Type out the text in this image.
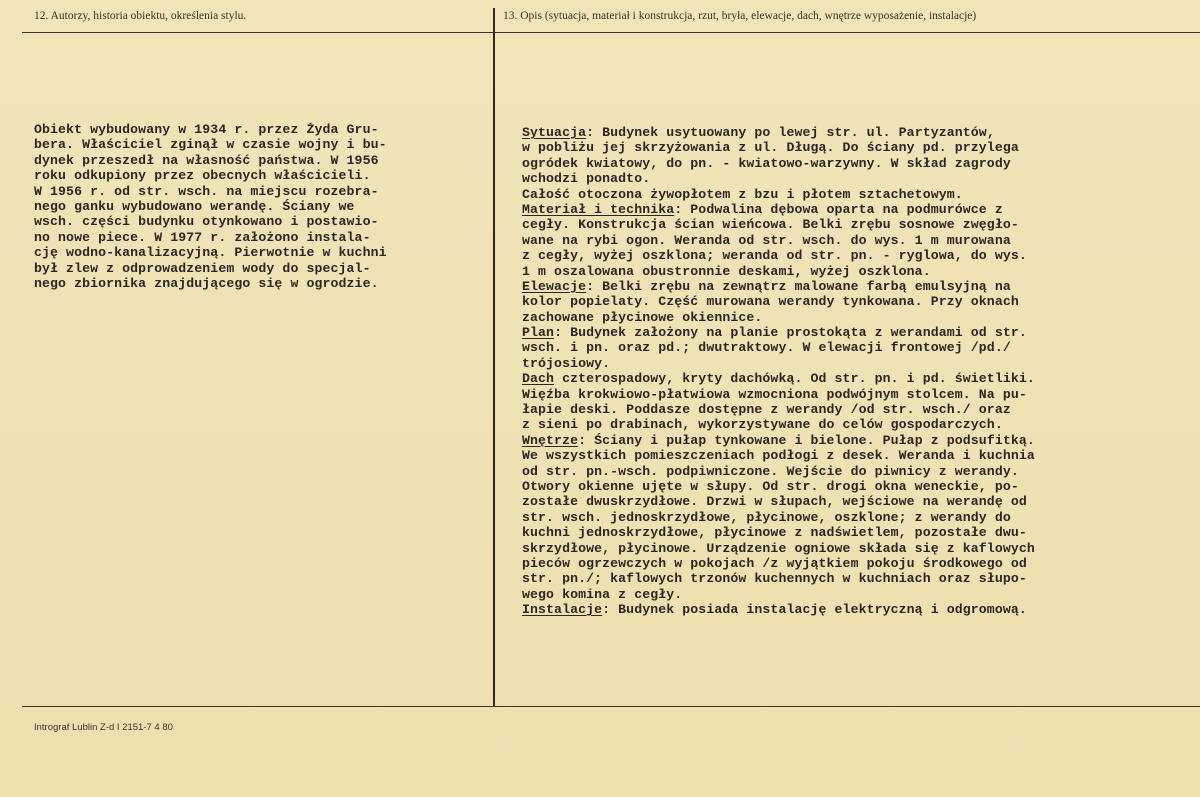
12. Autorzy, historia obiektu, określenia stylu.	13. Opis (sytuacja, materiał i konstrukcja, rzut, bryła, elewacje, dach, wnętrze wyposażenie, instalacje)
Obiekt wybudowany w 1934 r. przez Żyda Gru-
bera. Właściciel zginął w czasie wojny i bu-
dynek przeszedł na własność państwa. W 1956
roku odkupiony przez obecnych właścicieli.
W 1956 r. od str. wsch. na miejscu rozebra-
nego ganku wybudowano werandę. Ściany we
wsch. części budynku otynkowano i postawio-
no nowe piece. W 1977 r. założono instala-
cję wodno-kanalizacyjną. Pierwotnie w kuchni
był zlew z odprowadzeniem wody do specjal-
nego zbiornika znajdującego się w ogrodzie.
Sytuacja: Budynek usytuowany po lewej str. ul. Partyzantów,
w pobliżu jej skrzyżowania z ul. Długą. Do ściany pd. przylega
ogródek kwiatowy, do pn. - kwiatowo-warzywny. W skład zagrody
wchodzi ponadto.
Całość otoczona żywopłotem z bzu i płotem sztachetowym.
Materiał i technika: Podwalina dębowa oparta na podmurówce z
cegły. Konstrukcja ścian wieńcowa. Belki zrębu sosnowe zwęgło-
wane na rybi ogon. Weranda od str. wsch. do wys. 1 m murowana
z cegły, wyżej oszklona; weranda od str. pn. - ryglowa, do wys.
1 m oszalowana obustronnie deskami, wyżej oszklona.
Elewacje: Belki zrębu na zewnątrz malowane farbą emulsyjną na
kolor popielaty. Część murowana werandy tynkowana. Przy oknach
zachowane płycinowe okiennice.
Plan: Budynek założony na planie prostokąta z werandami od str.
wsch. i pn. oraz pd.; dwutraktowy. W elewacji frontowej /pd./
trójosiowy.
Dach czterospadowy, kryty dachówką. Od str. pn. i pd. świetliki.
Więźba krokwiowo-płatwiowa wzmocniona podwójnym stolcem. Na pu-
łapie deski. Poddasze dostępne z werandy /od str. wsch./ oraz
z sieni po drabinach, wykorzystywane do celów gospodarczych.
Wnętrze: Ściany i pułap tynkowane i bielone. Pułap z podsufitką.
We wszystkich pomieszczeniach podłogi z desek. Weranda i kuchnia
od str. pn.-wsch. podpiwniczone. Wejście do piwnicy z werandy.
Otwory okienne ujęte w słupy. Od str. drogi okna weneckie, po-
zostałe dwuskrzydłowe. Drzwi w słupach, wejściowe na werandę od
str. wsch. jednoskrzydłowe, płycinowe, oszklone; z werandy do
kuchni jednoskrzydłowe, płycinowe z nadświetlem, pozostałe dwu-
skrzydłowe, płycinowe. Urządzenie ogniowe składa się z kaflowych
pieców ogrzewczych w pokojach /z wyjątkiem pokoju środkowego od
str. pn./; kaflowych trzonów kuchennych w kuchniach oraz słupo-
wego komina z cegły.
Instalacje: Budynek posiada instalację elektryczną i odgromową.
Intrograf Lublin Z-d I 2151-7 4 80
